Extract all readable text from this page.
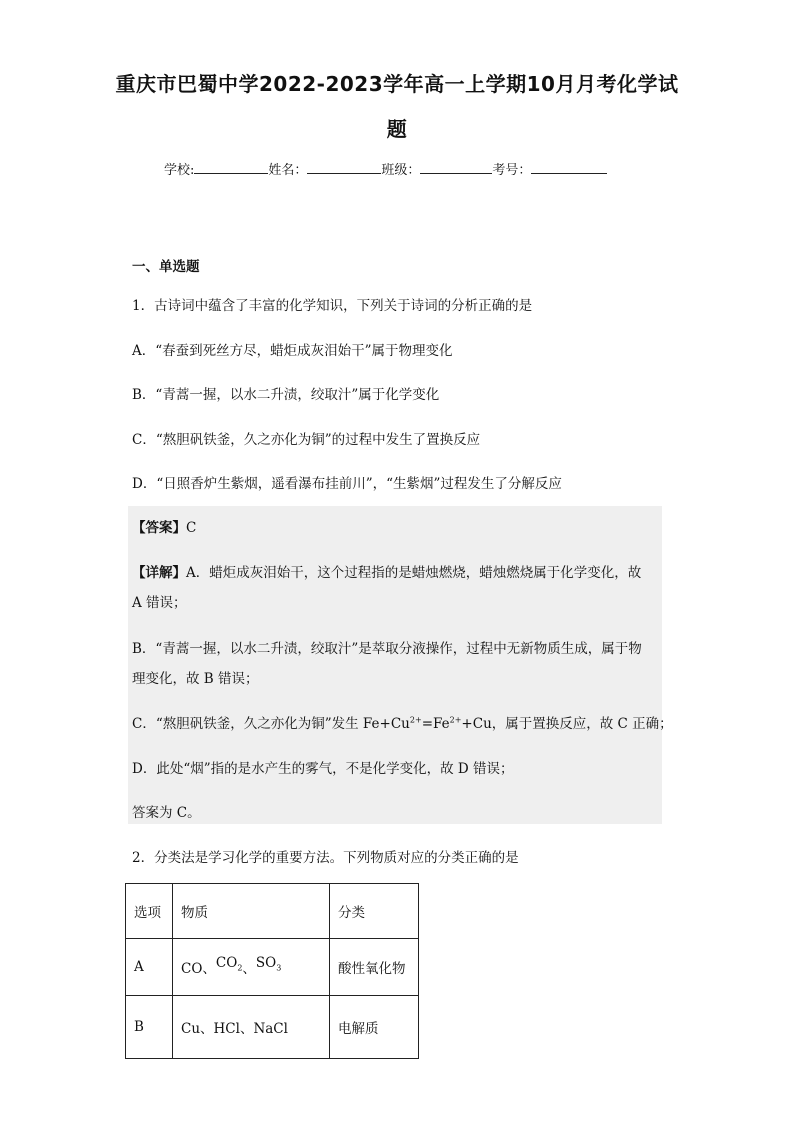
重庆市巴蜀中学2022-2023学年高一上学期10月月考化学试
题
学校:	姓名：	班级：	考号：
一、单选题
1．古诗词中蕴含了丰富的化学知识，下列关于诗词的分析正确的是
A．“春蚕到死丝方尽，蜡炬成灰泪始干”属于物理变化
B．“青蒿一握，以水二升渍，绞取汁”属于化学变化
C．“熬胆矾铁釜，久之亦化为铜”的过程中发生了置换反应
D．“日照香炉生紫烟，遥看瀑布挂前川”，“生紫烟”过程发生了分解反应
【答案】C
【详解】A．蜡炬成灰泪始干，这个过程指的是蜡烛燃烧，蜡烛燃烧属于化学变化，故
A 错误；
B．“青蒿一握，以水二升渍，绞取汁”是萃取分液操作，过程中无新物质生成，属于物
理变化，故 B 错误；
C．“熬胆矾铁釜，久之亦化为铜”发生 $Fe+Cu^{2+}=Fe^{2+}+Cu$，属于置换反应，故 C 正确；
D．此处“烟”指的是水产生的雾气，不是化学变化，故 D 错误；
答案为 C。
2．分类法是学习化学的重要方法。下列物质对应的分类正确的是
选项	物质	分类
A	CO、$CO_2$、$SO_3$	酸性氧化物
B	Cu、HCl、NaCl	电解质
